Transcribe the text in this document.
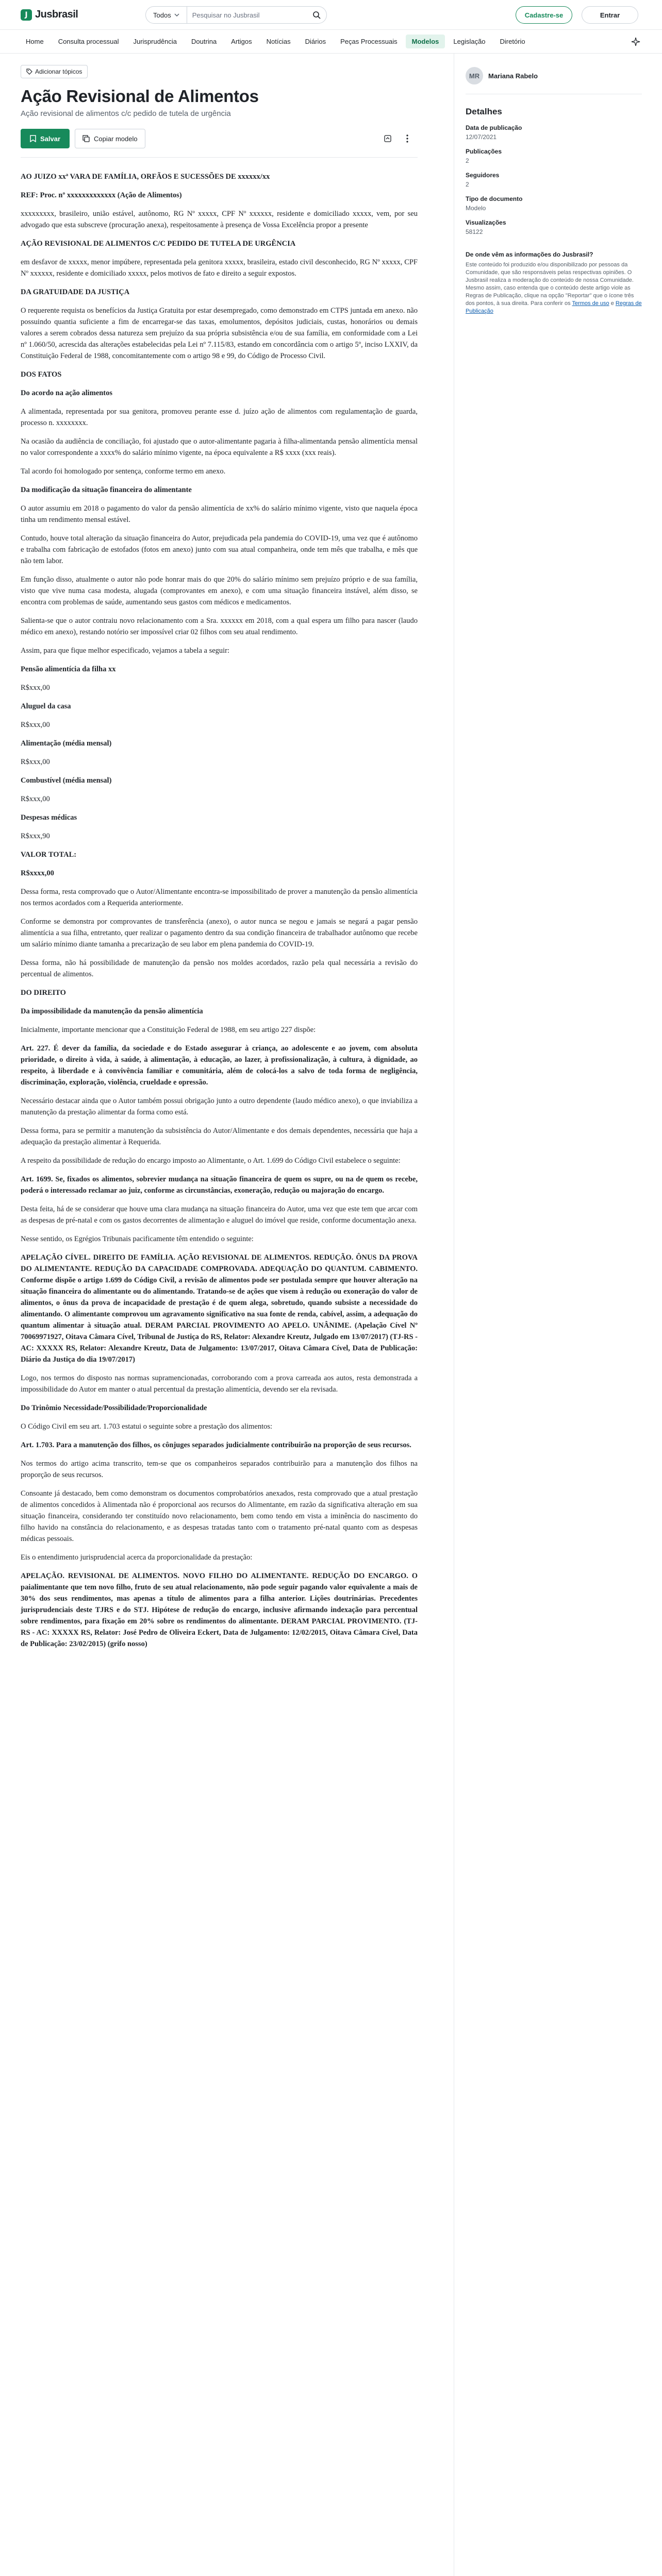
J Jusbrasil	Todos
Pesquisar no Jusbrasil	Cadastre-se	Entrar
Home	Consulta processual	Jurisprudência	Doutrina	Artigos	Notícias	Diários	Peças Processuais	Modelos	Legislação	Diretório
Adicionar tópicos
Ação Revisional de Alimentos
Ação revisional de alimentos c/c pedido de tutela de urgência
Salvar	Copiar modelo

AO JUIZO xxª VARA DE FAMÍLIA, ORFÃOS E SUCESSÕES DE xxxxxx/xx

REF: Proc. nº xxxxxxxxxxxxx (Ação de Alimentos)

xxxxxxxxx, brasileiro, união estável, autônomo, RG Nº xxxxx, CPF Nº xxxxxx, residente e domiciliado xxxxx, vem, por seu advogado que esta subscreve (procuração anexa), respeitosamente à presença de Vossa Excelência propor a presente

AÇÃO REVISIONAL DE ALIMENTOS C/C PEDIDO DE TUTELA DE URGÊNCIA

em desfavor de xxxxx, menor impúbere, representada pela genitora xxxxx, brasileira, estado civil desconhecido, RG Nº xxxxx, CPF Nº xxxxxx, residente e domiciliado xxxxx, pelos motivos de fato e direito a seguir expostos.

DA GRATUIDADE DA JUSTIÇA

O requerente requista os benefícios da Justiça Gratuita por estar desempregado, como demonstrado em CTPS juntada em anexo. não possuindo quantia suficiente a fim de encarregar-se das taxas, emolumentos, depósitos judiciais, custas, honorários ou demais valores a serem cobrados dessa natureza sem prejuízo da sua própria subsistência e/ou de sua família, em conformidade com a Lei nº 1.060/50, acrescida das alterações estabelecidas pela Lei nº 7.115/83, estando em concordância com o artigo 5º, inciso LXXIV, da Constituição Federal de 1988, concomitantemente com o artigo 98 e 99, do Código de Processo Civil.

DOS FATOS
Do acordo na ação alimentos

A alimentada, representada por sua genitora, promoveu perante esse d. juízo ação de alimentos com regulamentação de guarda, processo n. xxxxxxxx.

Na ocasião da audiência de conciliação, foi ajustado que o autor-alimentante pagaria à filha-alimentanda pensão alimentícia mensal no valor correspondente a xxxx% do salário mínimo vigente, na época equivalente a R$ xxxx (xxx reais).

Tal acordo foi homologado por sentença, conforme termo em anexo.

Da modificação da situação financeira do alimentante

O autor assumiu em 2018 o pagamento do valor da pensão alimentícia de xx% do salário mínimo vigente, visto que naquela época tinha um rendimento mensal estável.

Contudo, houve total alteração da situação financeira do Autor, prejudicada pela pandemia do COVID-19, uma vez que é autônomo e trabalha com fabricação de estofados (fotos em anexo) junto com sua atual companheira, onde tem mês que trabalha, e mês que não tem labor.

Em função disso, atualmente o autor não pode honrar mais do que 20% do salário mínimo sem prejuízo próprio e de sua família, visto que vive numa casa modesta, alugada (comprovantes em anexo), e com uma situação financeira instável, além disso, se encontra com problemas de saúde, aumentando seus gastos com médicos e medicamentos.

Salienta-se que o autor contraiu novo relacionamento com a Sra. xxxxxx em 2018, com a qual espera um filho para nascer (laudo médico em anexo), restando notório ser impossível criar 02 filhos com seu atual rendimento.

Assim, para que fique melhor especificado, vejamos a tabela a seguir:

Pensão alimentícia da filha xx

R$xxx,00

Aluguel da casa

R$xxx,00

Alimentação (média mensal)

R$xxx,00

Combustível (média mensal)

R$xxx,00

Despesas médicas

R$xxx,90

VALOR TOTAL:

R$xxxx,00

Dessa forma, resta comprovado que o Autor/Alimentante encontra-se impossibilitado de prover a manutenção da pensão alimentícia nos termos acordados com a Requerida anteriormente.

Conforme se demonstra por comprovantes de transferência (anexo), o autor nunca se negou e jamais se negará a pagar pensão alimentícia a sua filha, entretanto, quer realizar o pagamento dentro da sua condição financeira de trabalhador autônomo que recebe um salário mínimo diante tamanha a precarização de seu labor em plena pandemia do COVID-19.

Dessa forma, não há possibilidade de manutenção da pensão nos moldes acordados, razão pela qual necessária a revisão do percentual de alimentos.

DO DIREITO
Da impossibilidade da manutenção da pensão alimentícia

Inicialmente, importante mencionar que a Constituição Federal de 1988, em seu artigo 227 dispõe:

Art. 227. É dever da família, da sociedade e do Estado assegurar à criança, ao adolescente e ao jovem, com absoluta prioridade, o direito à vida, à saúde, à alimentação, à educação, ao lazer, à profissionalização, à cultura, à dignidade, ao respeito, à liberdade e à convivência familiar e comunitária, além de colocá-los a salvo de toda forma de negligência, discriminação, exploração, violência, crueldade e opressão.

Necessário destacar ainda que o Autor também possui obrigação junto a outro dependente (laudo médico anexo), o que inviabiliza a manutenção da prestação alimentar da forma como está.

Dessa forma, para se permitir a manutenção da subsistência do Autor/Alimentante e dos demais dependentes, necessária que haja a adequação da prestação alimentar à Requerida.

A respeito da possibilidade de redução do encargo imposto ao Alimentante, o Art. 1.699 do Código Civil estabelece o seguinte:

Art. 1699. Se, fixados os alimentos, sobrevier mudança na situação financeira de quem os supre, ou na de quem os recebe, poderá o interessado reclamar ao juiz, conforme as circunstâncias, exoneração, redução ou majoração do encargo.

Desta feita, há de se considerar que houve uma clara mudança na situação financeira do Autor, uma vez que este tem que arcar com as despesas de pré-natal e com os gastos decorrentes de alimentação e aluguel do imóvel que reside, conforme documentação anexa.

Nesse sentido, os Egrégios Tribunais pacificamente têm entendido o seguinte:

APELAÇÃO CÍVEL. DIREITO DE FAMÍLIA. AÇÃO REVISIONAL DE ALIMENTOS. REDUÇÃO. ÔNUS DA PROVA DO ALIMENTANTE. REDUÇÃO DA CAPACIDADE COMPROVADA. ADEQUAÇÃO DO QUANTUM. CABIMENTO. Conforme dispõe o artigo 1.699 do Código Civil, a revisão de alimentos pode ser postulada sempre que houver alteração na situação financeira do alimentante ou do alimentando. Tratando-se de ações que visem à redução ou exoneração do valor de alimentos, o ônus da prova de incapacidade de prestação é de quem alega, sobretudo, quando subsiste a necessidade do alimentando. O alimentante comprovou um agravamento significativo na sua fonte de renda, cabível, assim, a adequação do quantum alimentar à situação atual. DERAM PARCIAL PROVIMENTO AO APELO. UNÂNIME. (Apelação Cível Nº 70069971927, Oitava Câmara Cível, Tribunal de Justiça do RS, Relator: Alexandre Kreutz, Julgado em 13/07/2017) (TJ-RS - AC: XXXXX RS, Relator: Alexandre Kreutz, Data de Julgamento: 13/07/2017, Oitava Câmara Cível, Data de Publicação: Diário da Justiça do dia 19/07/2017)

Logo, nos termos do disposto nas normas supramencionadas, corroborando com a prova carreada aos autos, resta demonstrada a impossibilidade do Autor em manter o atual percentual da prestação alimentícia, devendo ser ela revisada.

Do Trinômio Necessidade/Possibilidade/Proporcionalidade

O Código Civil em seu art. 1.703 estatui o seguinte sobre a prestação dos alimentos:

Art. 1.703. Para a manutenção dos filhos, os cônjuges separados judicialmente contribuirão na proporção de seus recursos.

Nos termos do artigo acima transcrito, tem-se que os companheiros separados contribuirão para a manutenção dos filhos na proporção de seus recursos.

Consoante já destacado, bem como demonstram os documentos comprobatórios anexados, resta comprovado que a atual prestação de alimentos concedidos à Alimentada não é proporcional aos recursos do Alimentante, em razão da significativa alteração em sua situação financeira, considerando ter constituído novo relacionamento, bem como tendo em vista a iminência do nascimento do filho havido na constância do relacionamento, e as despesas tratadas tanto com o tratamento pré-natal quanto com as despesas médicas pessoais.

Eis o entendimento jurisprudencial acerca da proporcionalidade da prestação:

APELAÇÃO. REVISIONAL DE ALIMENTOS. NOVO FILHO DO ALIMENTANTE. REDUÇÃO DO ENCARGO. O paialimentante que tem novo filho, fruto de seu atual relacionamento, não pode seguir pagando valor equivalente a mais de 30% dos seus rendimentos, mas apenas a título de alimentos para a filha anterior. Lições doutrinárias. Precedentes jurisprudenciais deste TJRS e do STJ. Hipótese de redução do encargo, inclusive afirmando indexação para percentual sobre rendimentos, para fixação em 20% sobre os rendimentos do alimentante. DERAM PARCIAL PROVIMENTO. (TJ-RS - AC: XXXXX RS, Relator: José Pedro de Oliveira Eckert, Data de Julgamento: 12/02/2015, Oitava Câmara Cível, Data de Publicação: 23/02/2015) (grifo nosso)

MR	Mariana Rabelo
Detalhes
Data de publicação
12/07/2021
Publicações
2
Seguidores
2
Tipo de documento
Modelo
Visualizações
58122
De onde vêm as informações do Jusbrasil?
Este conteúdo foi produzido e/ou disponibilizado por pessoas da Comunidade, que são responsáveis pelas respectivas opiniões. O Jusbrasil realiza a moderação do conteúdo de nossa Comunidade. Mesmo assim, caso entenda que o conteúdo deste artigo viole as Regras de Publicação, clique na opção "Reportar" que o ícone três dos pontos, à sua direita. Para conferir os Termos de uso e Regras de Publicação
